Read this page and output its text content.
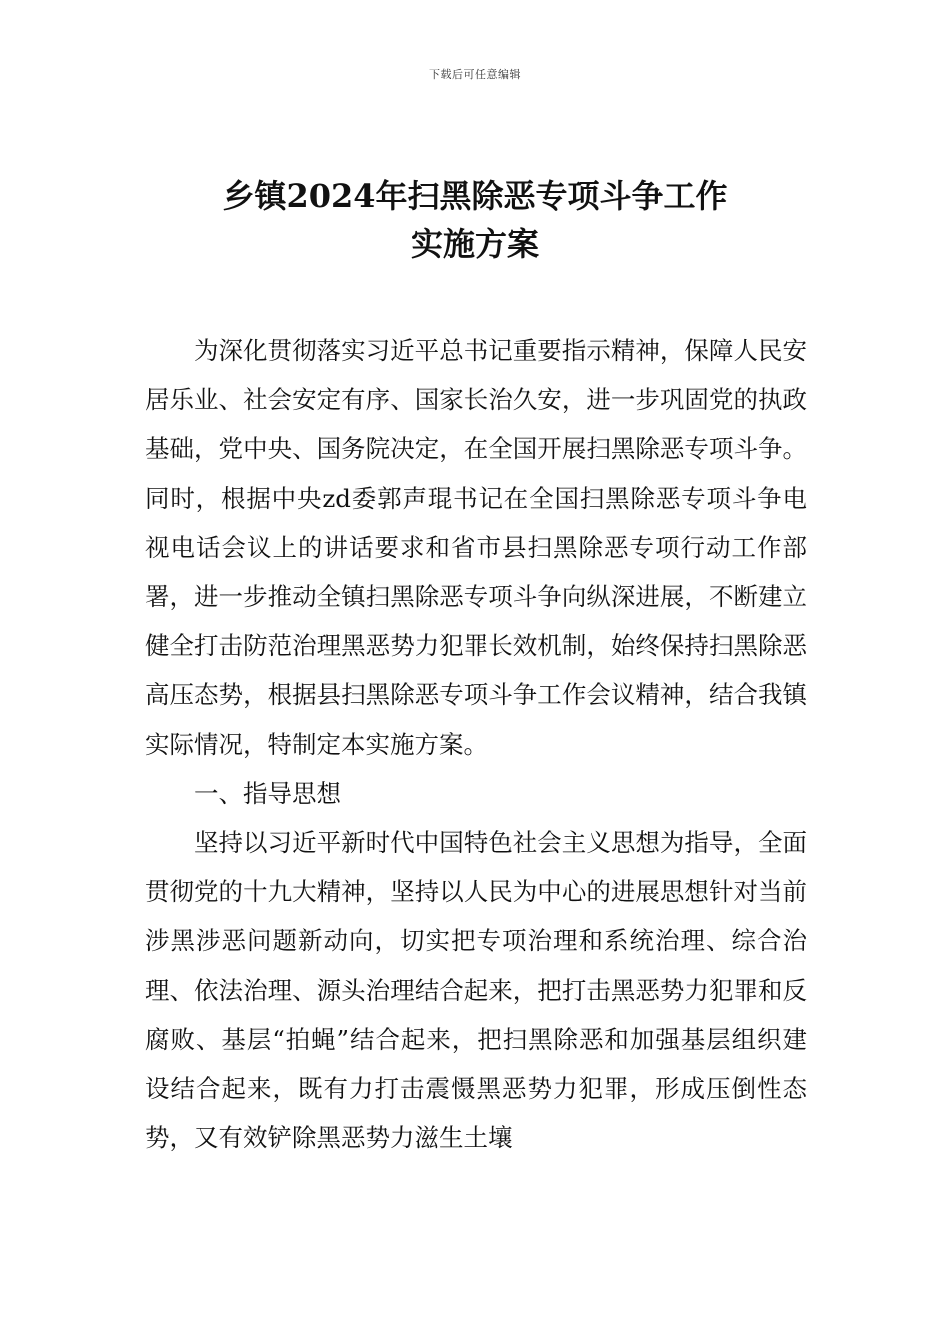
下载后可任意编辑
乡镇2024年扫黑除恶专项斗争工作
实施方案

为深化贯彻落实习近平总书记重要指示精神，保障人民安居乐业、社会安定有序、国家长治久安，进一步巩固党的执政基础，党中央、国务院决定，在全国开展扫黑除恶专项斗争。同时，根据中央zd委郭声琨书记在全国扫黑除恶专项斗争电视电话会议上的讲话要求和省市县扫黑除恶专项行动工作部署，进一步推动全镇扫黑除恶专项斗争向纵深进展，不断建立健全打击防范治理黑恶势力犯罪长效机制，始终保持扫黑除恶高压态势，根据县扫黑除恶专项斗争工作会议精神，结合我镇实际情况，特制定本实施方案。

一、指导思想

坚持以习近平新时代中国特色社会主义思想为指导，全面贯彻党的十九大精神，坚持以人民为中心的进展思想针对当前涉黑涉恶问题新动向，切实把专项治理和系统治理、综合治理、依法治理、源头治理结合起来，把打击黑恶势力犯罪和反腐败、基层“拍蝇”结合起来，把扫黑除恶和加强基层组织建设结合起来，既有力打击震慑黑恶势力犯罪，形成压倒性态势，又有效铲除黑恶势力滋生土壤
